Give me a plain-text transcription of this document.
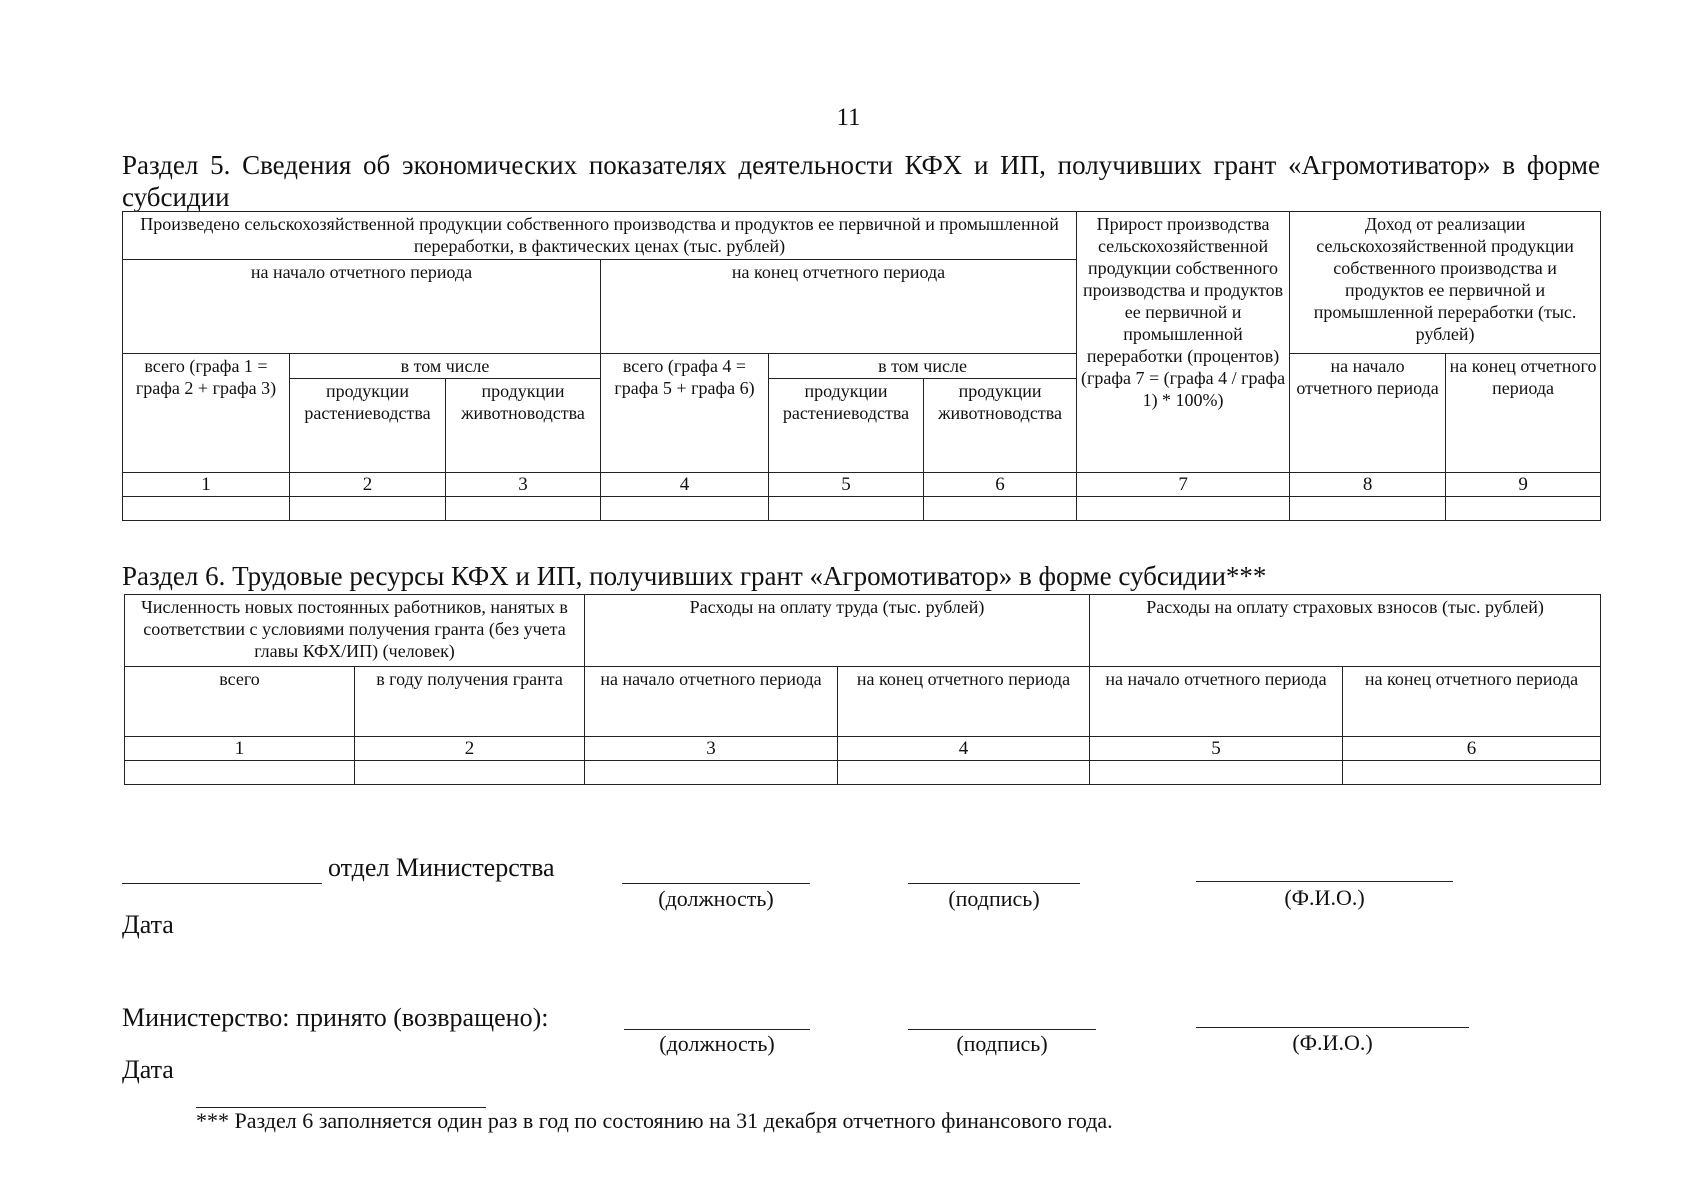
11
Раздел 5. Сведения об экономических показателях деятельности КФХ и ИП, получивших грант «Агромотиватор» в форме субсидии
Произведено сельскохозяйственной продукции собственного производства и продуктов ее первичной и промышленной переработки, в фактических ценах (тыс. рублей)						Прирост производства сельскохозяйственной продукции собственного производства и продуктов ее первичной и промышленной переработки (процентов) (графа 7 = (графа 4 / графа 1) * 100%)	Доход от реализации сельскохозяйственной продукции собственного производства и продуктов ее первичной и промышленной переработки (тыс. рублей)	
на начало отчетного периода			на конец отчетного периода					
всего (графа 1 = графа 2 + графа 3)	в том числе		всего (графа 4 = графа 5 + графа 6)	в том числе			на начало отчетного периода	на конец отчетного периода
	продукции растениеводства	продукции животноводства		продукции растениеводства	продукции животноводства			
1	2	3	4	5	6	7	8	9

Раздел 6. Трудовые ресурсы КФХ и ИП, получивших грант «Агромотиватор» в форме субсидии***
Численность новых постоянных работников, нанятых в соответствии с условиями получения гранта (без учета главы КФХ/ИП) (человек)		Расходы на оплату труда (тыс. рублей)		Расходы на оплату страховых взносов (тыс. рублей)	
всего	в году получения гранта	на начало отчетного периода	на конец отчетного периода	на начало отчетного периода	на конец отчетного периода
1	2	3	4	5	6

отдел Министерства
(должность)	(подпись)	(Ф.И.О.)
Дата
Министерство: принято (возвращено):
(должность)	(подпись)	(Ф.И.О.)
Дата
*** Раздел 6 заполняется один раз в год по состоянию на 31 декабря отчетного финансового года.
